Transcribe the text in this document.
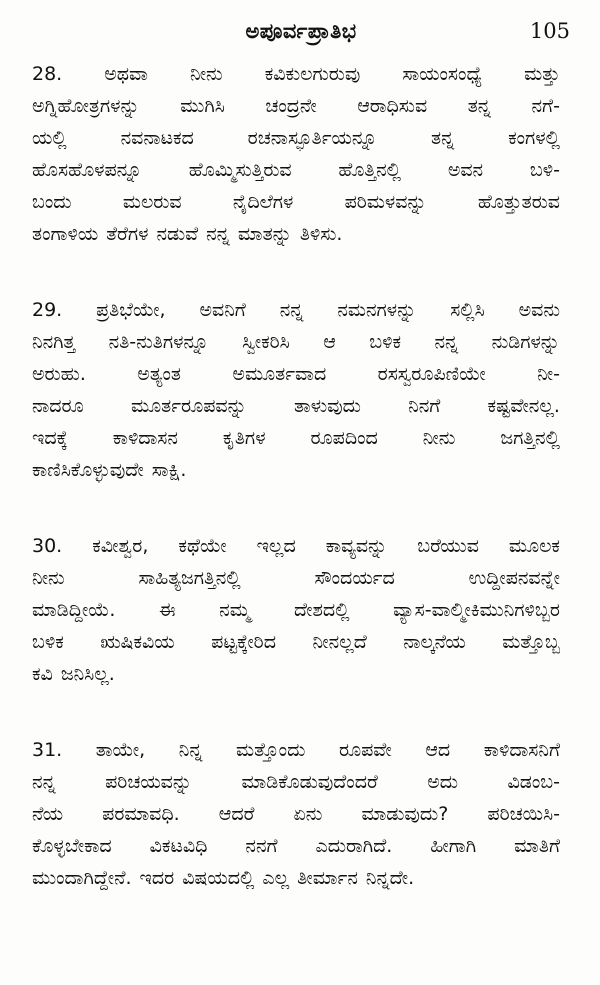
ಅಪೂರ್ವಪ್ರಾತಿಭ	105
28. ಅಥವಾ ನೀನು ಕವಿಕುಲಗುರುವು ಸಾಯಂಸಂಧ್ಯೆ ಮತ್ತು
ಅಗ್ನಿಹೋತ್ರಗಳನ್ನು ಮುಗಿಸಿ ಚಂದ್ರನೇ ಆರಾಧಿಸುವ ತನ್ನ ನಗೆ-
ಯಲ್ಲಿ	ನವನಾಟಕದ	ರಚನಾಸ್ಫೂರ್ತಿಯನ್ನೂ	ತನ್ನ	ಕಂಗಳಲ್ಲಿ
ಹೊಸಹೊಳಪನ್ನೂ ಹೊಮ್ಮಿಸುತ್ತಿರುವ ಹೊತ್ತಿನಲ್ಲಿ ಅವನ ಬಳಿ-
ಬಂದು	ಮಲರುವ	ನೈದಿಲೆಗಳ	ಪರಿಮಳವನ್ನು	ಹೊತ್ತುತರುವ
ತಂಗಾಳಿಯ ತೆರೆಗಳ ನಡುವೆ ನನ್ನ ಮಾತನ್ನು ತಿಳಿಸು.
29. ಪ್ರತಿಭೆಯೇ, ಅವನಿಗೆ ನನ್ನ ನಮನಗಳನ್ನು ಸಲ್ಲಿಸಿ ಅವನು
ನಿನಗಿತ್ತ ನತಿ-ನುತಿಗಳನ್ನೂ ಸ್ವೀಕರಿಸಿ ಆ ಬಳಿಕ ನನ್ನ ನುಡಿಗಳನ್ನು
ಅರುಹು.	ಅತ್ಯಂತ	ಅಮೂರ್ತವಾದ	ರಸಸ್ವರೂಪಿಣಿಯೇ	ನೀ-
ನಾದರೂ ಮೂರ್ತರೂಪವನ್ನು ತಾಳುವುದು ನಿನಗೆ ಕಷ್ಟವೇನಲ್ಲ.
ಇದಕ್ಕೆ ಕಾಳಿದಾಸನ ಕೃತಿಗಳ ರೂಪದಿಂದ ನೀನು ಜಗತ್ತಿನಲ್ಲಿ
ಕಾಣಿಸಿಕೊಳ್ಳುವುದೇ ಸಾಕ್ಷಿ.
30. ಕವೀಶ್ವರ, ಕಥೆಯೇ ಇಲ್ಲದ ಕಾವ್ಯವನ್ನು ಬರೆಯುವ ಮೂಲಕ
ನೀನು	ಸಾಹಿತ್ಯಜಗತ್ತಿನಲ್ಲಿ	ಸೌಂದರ್ಯದ	ಉದ್ದೀಪನವನ್ನೇ
ಮಾಡಿದ್ದೀಯೆ. ಈ ನಮ್ಮ ದೇಶದಲ್ಲಿ ವ್ಯಾಸ-ವಾಲ್ಮೀಕಿಮುನಿಗಳಿಬ್ಬರ
ಬಳಿಕ ಋಷಿಕವಿಯ ಪಟ್ಟಕ್ಕೇರಿದ ನೀನಲ್ಲದೆ ನಾಲ್ಕನೆಯ ಮತ್ತೊಬ್ಬ
ಕವಿ ಜನಿಸಿಲ್ಲ.
31. ತಾಯೇ, ನಿನ್ನ ಮತ್ತೊಂದು ರೂಪವೇ ಆದ ಕಾಳಿದಾಸನಿಗೆ
ನನ್ನ	ಪರಿಚಯವನ್ನು	ಮಾಡಿಕೊಡುವುದೆಂದರೆ	ಅದು	ವಿಡಂಬ-
ನೆಯ ಪರಮಾವಧಿ. ಆದರೆ ಏನು ಮಾಡುವುದು? ಪರಿಚಯಿಸಿ-
ಕೊಳ್ಳಬೇಕಾದ ವಿಕಟವಿಧಿ ನನಗೆ ಎದುರಾಗಿದೆ. ಹೀಗಾಗಿ ಮಾತಿಗೆ
ಮುಂದಾಗಿದ್ದೇನೆ. ಇದರ ವಿಷಯದಲ್ಲಿ ಎಲ್ಲ ತೀರ್ಮಾನ ನಿನ್ನದೇ.
